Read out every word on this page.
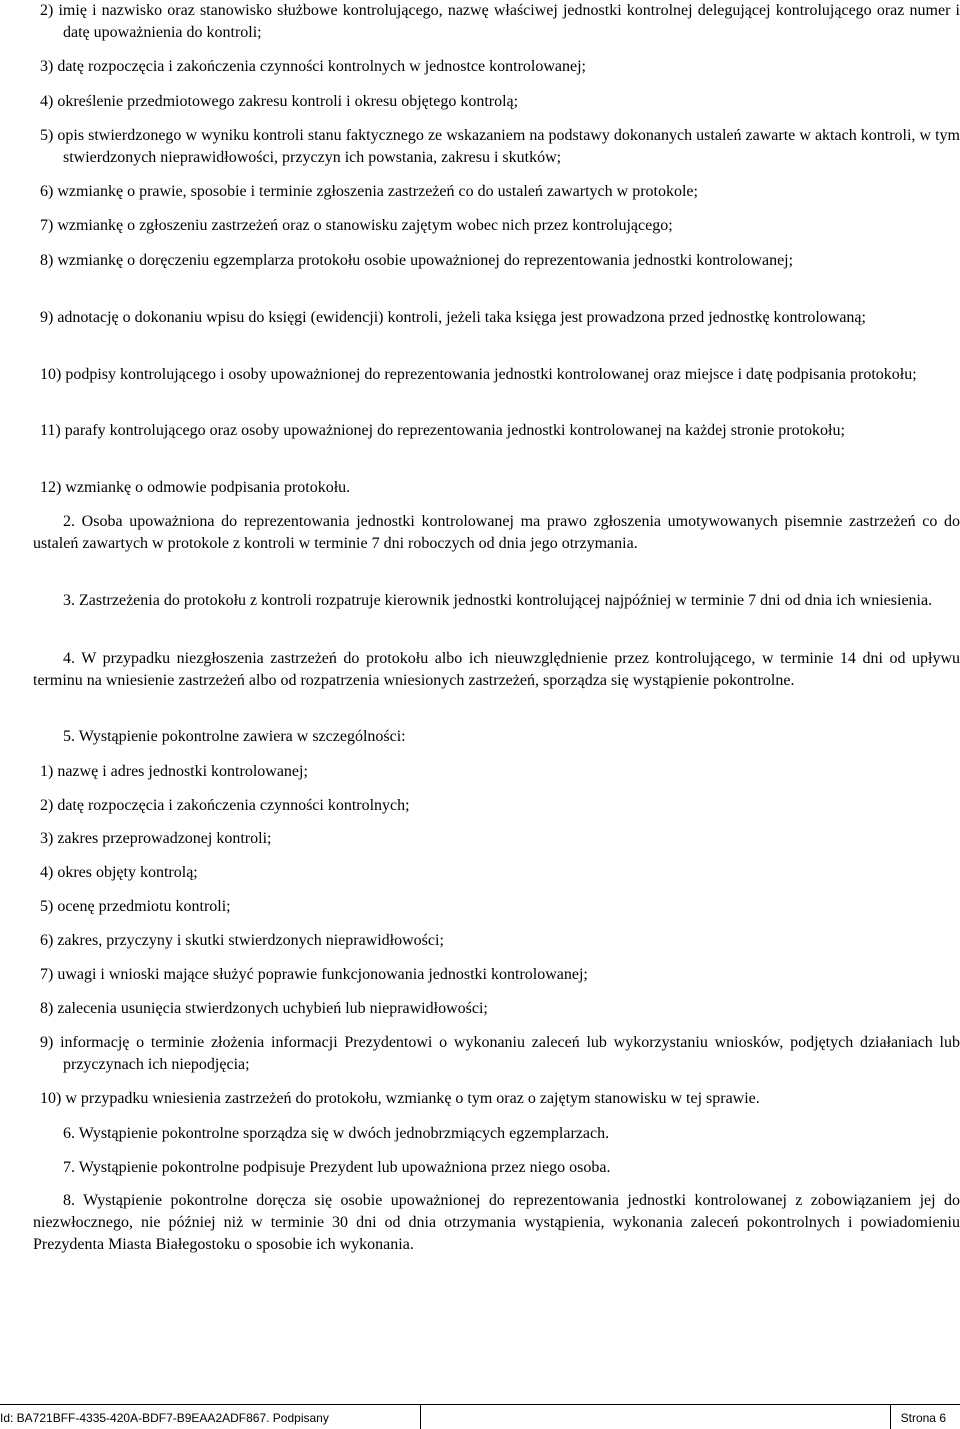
2) imię i nazwisko oraz stanowisko służbowe kontrolującego, nazwę właściwej jednostki kontrolnej delegującej kontrolującego oraz numer i datę upoważnienia do kontroli;

3) datę rozpoczęcia i zakończenia czynności kontrolnych w jednostce kontrolowanej;

4) określenie przedmiotowego zakresu kontroli i okresu objętego kontrolą;

5) opis stwierdzonego w wyniku kontroli stanu faktycznego ze wskazaniem na podstawy dokonanych ustaleń zawarte w aktach kontroli, w tym stwierdzonych nieprawidłowości, przyczyn ich powstania, zakresu i skutków;

6) wzmiankę o prawie, sposobie i terminie zgłoszenia zastrzeżeń co do ustaleń zawartych w protokole;

7) wzmiankę o zgłoszeniu zastrzeżeń oraz o stanowisku zajętym wobec nich przez kontrolującego;

8) wzmiankę o doręczeniu egzemplarza protokołu osobie upoważnionej do reprezentowania jednostki kontrolowanej;

9) adnotację o dokonaniu wpisu do księgi (ewidencji) kontroli, jeżeli taka księga jest prowadzona przed jednostkę kontrolowaną;

10) podpisy kontrolującego i osoby upoważnionej do reprezentowania jednostki kontrolowanej oraz miejsce i datę podpisania protokołu;

11) parafy kontrolującego oraz osoby upoważnionej do reprezentowania jednostki kontrolowanej na każdej stronie protokołu;

12) wzmiankę o odmowie podpisania protokołu.

2. Osoba upoważniona do reprezentowania jednostki kontrolowanej ma prawo zgłoszenia umotywowanych pisemnie zastrzeżeń co do ustaleń zawartych w protokole z kontroli w terminie 7 dni roboczych od dnia jego otrzymania.

3. Zastrzeżenia do protokołu z kontroli rozpatruje kierownik jednostki kontrolującej najpóźniej w terminie 7 dni od dnia ich wniesienia.

4. W przypadku niezgłoszenia zastrzeżeń do protokołu albo ich nieuwzględnienie przez kontrolującego, w terminie 14 dni od upływu terminu na wniesienie zastrzeżeń albo od rozpatrzenia wniesionych zastrzeżeń, sporządza się wystąpienie pokontrolne.

5. Wystąpienie pokontrolne zawiera w szczególności:

1) nazwę i adres jednostki kontrolowanej;

2) datę rozpoczęcia i zakończenia czynności kontrolnych;

3) zakres przeprowadzonej kontroli;

4) okres objęty kontrolą;

5) ocenę przedmiotu kontroli;

6) zakres, przyczyny i skutki stwierdzonych nieprawidłowości;

7) uwagi i wnioski mające służyć poprawie funkcjonowania jednostki kontrolowanej;

8) zalecenia usunięcia stwierdzonych uchybień lub nieprawidłowości;

9) informację o terminie złożenia informacji Prezydentowi o wykonaniu zaleceń lub wykorzystaniu wniosków, podjętych działaniach lub przyczynach ich niepodjęcia;

10) w przypadku wniesienia zastrzeżeń do protokołu, wzmiankę o tym oraz o zajętym stanowisku w tej sprawie.

6. Wystąpienie pokontrolne sporządza się w dwóch jednobrzmiących egzemplarzach.

7. Wystąpienie pokontrolne podpisuje Prezydent lub upoważniona przez niego osoba.

8. Wystąpienie pokontrolne doręcza się osobie upoważnionej do reprezentowania jednostki kontrolowanej z zobowiązaniem jej do niezwłocznego, nie później niż w terminie 30 dni od dnia otrzymania wystąpienia, wykonania zaleceń pokontrolnych i powiadomieniu Prezydenta Miasta Białegostoku o sposobie ich wykonania.

Id: BA721BFF-4335-420A-BDF7-B9EAA2ADF867. Podpisany	Strona 6
